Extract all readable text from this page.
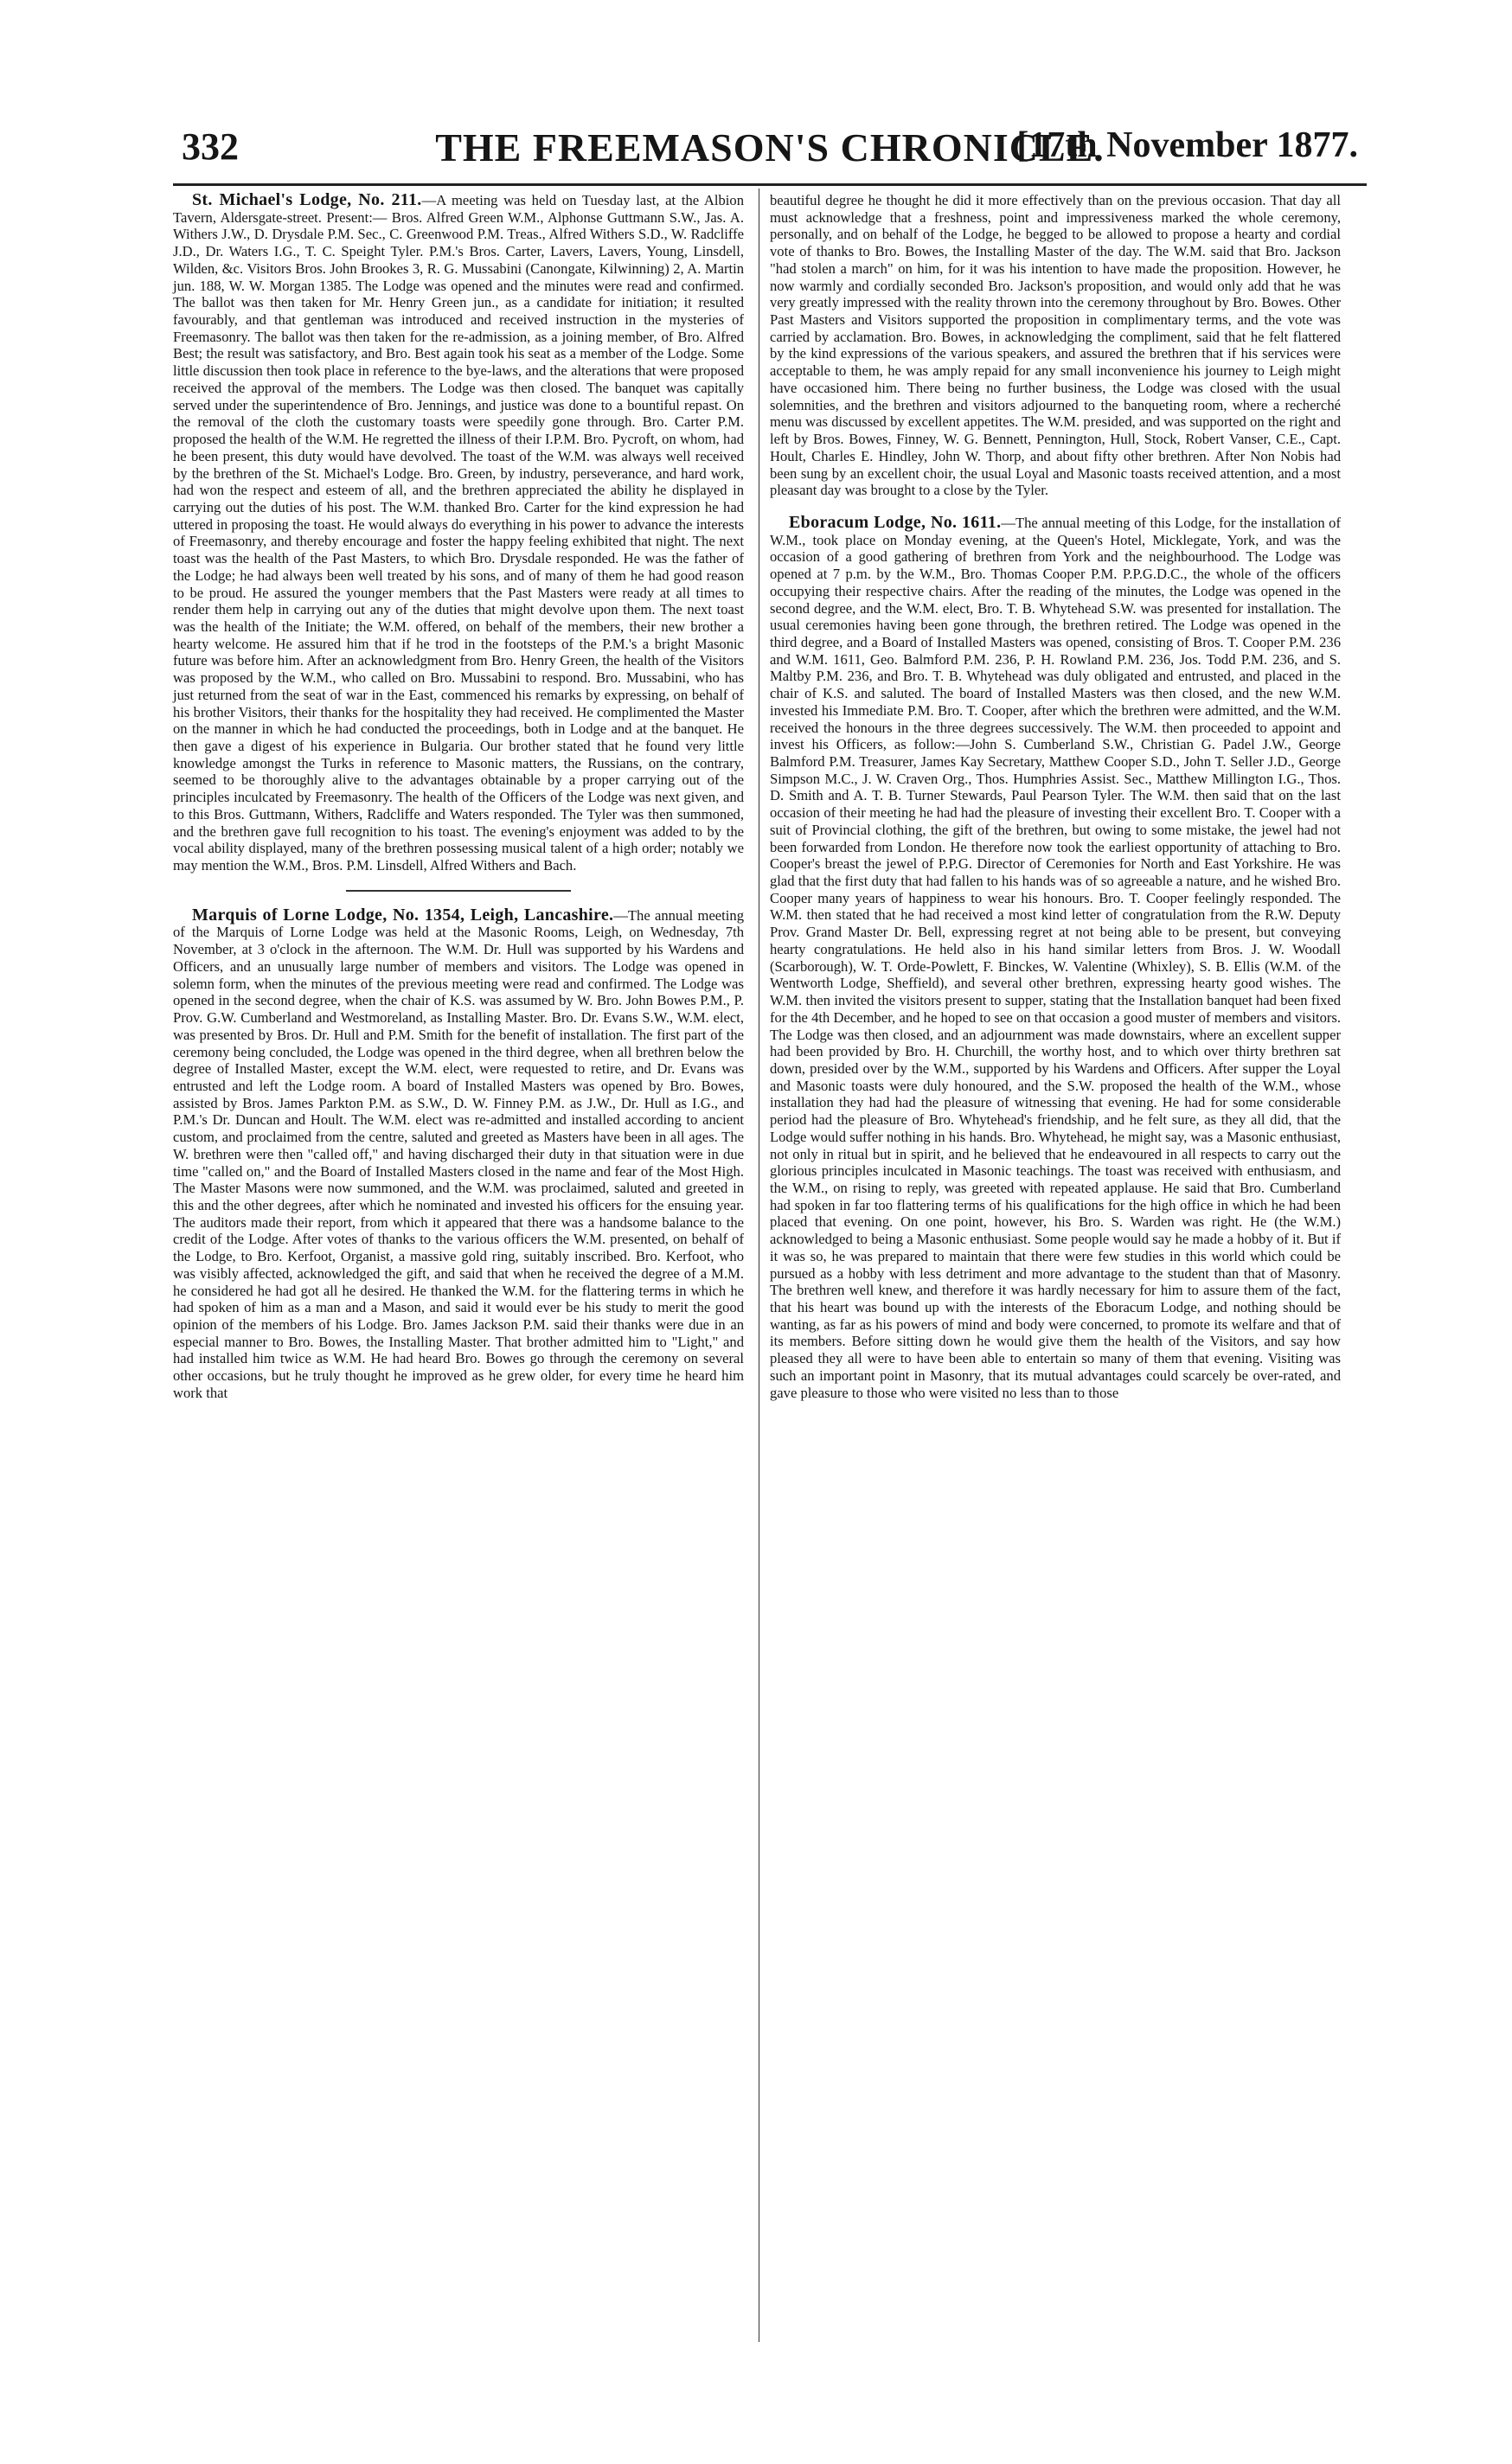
332	THE FREEMASON'S CHRONICLE.
[17th November 1877.

St. Michael's Lodge, No. 211.—A meeting was held on Tuesday last, at the Albion Tavern, Aldersgate-street. Present:— Bros. Alfred Green W.M., Alphonse Guttmann S.W., Jas. A. Withers J.W., D. Drysdale P.M. Sec., C. Greenwood P.M. Treas., Alfred Withers S.D., W. Radcliffe J.D., Dr. Waters I.G., T. C. Speight Tyler. P.M.'s Bros. Carter, Lavers, Lavers, Young, Linsdell, Wilden, &c. Visitors Bros. John Brookes 3, R. G. Mussabini (Canongate, Kilwinning) 2, A. Martin jun. 188, W. W. Morgan 1385. The Lodge was opened and the minutes were read and confirmed. The ballot was then taken for Mr. Henry Green jun., as a candidate for initiation; it resulted favourably, and that gentleman was introduced and received instruction in the mysteries of Freemasonry. The ballot was then taken for the re-admission, as a joining member, of Bro. Alfred Best; the result was satisfactory, and Bro. Best again took his seat as a member of the Lodge. Some little discussion then took place in reference to the bye-laws, and the alterations that were proposed received the approval of the members. The Lodge was then closed. The banquet was capitally served under the superintendence of Bro. Jennings, and justice was done to a bountiful repast. On the removal of the cloth the customary toasts were speedily gone through. Bro. Carter P.M. proposed the health of the W.M. He regretted the illness of their I.P.M. Bro. Pycroft, on whom, had he been present, this duty would have devolved. The toast of the W.M. was always well received by the brethren of the St. Michael's Lodge. Bro. Green, by industry, perseverance, and hard work, had won the respect and esteem of all, and the brethren appreciated the ability he displayed in carrying out the duties of his post. The W.M. thanked Bro. Carter for the kind expression he had uttered in proposing the toast. He would always do everything in his power to advance the interests of Freemasonry, and thereby encourage and foster the happy feeling exhibited that night. The next toast was the health of the Past Masters, to which Bro. Drysdale responded. He was the father of the Lodge; he had always been well treated by his sons, and of many of them he had good reason to be proud. He assured the younger members that the Past Masters were ready at all times to render them help in carrying out any of the duties that might devolve upon them. The next toast was the health of the Initiate; the W.M. offered, on behalf of the members, their new brother a hearty welcome. He assured him that if he trod in the footsteps of the P.M.'s a bright Masonic future was before him. After an acknowledgment from Bro. Henry Green, the health of the Visitors was proposed by the W.M., who called on Bro. Mussabini to respond. Bro. Mussabini, who has just returned from the seat of war in the East, commenced his remarks by expressing, on behalf of his brother Visitors, their thanks for the hospitality they had received. He complimented the Master on the manner in which he had conducted the proceedings, both in Lodge and at the banquet. He then gave a digest of his experience in Bulgaria. Our brother stated that he found very little knowledge amongst the Turks in reference to Masonic matters, the Russians, on the contrary, seemed to be thoroughly alive to the advantages obtainable by a proper carrying out of the principles inculcated by Freemasonry. The health of the Officers of the Lodge was next given, and to this Bros. Guttmann, Withers, Radcliffe and Waters responded. The Tyler was then summoned, and the brethren gave full recognition to his toast. The evening's enjoyment was added to by the vocal ability displayed, many of the brethren possessing musical talent of a high order; notably we may mention the W.M., Bros. P.M. Linsdell, Alfred Withers and Bach.

Marquis of Lorne Lodge, No. 1354, Leigh, Lancashire.—The annual meeting of the Marquis of Lorne Lodge was held at the Masonic Rooms, Leigh, on Wednesday, 7th November, at 3 o'clock in the afternoon. The W.M. Dr. Hull was supported by his Wardens and Officers, and an unusually large number of members and visitors. The Lodge was opened in solemn form, when the minutes of the previous meeting were read and confirmed. The Lodge was opened in the second degree, when the chair of K.S. was assumed by W. Bro. John Bowes P.M., P. Prov. G.W. Cumberland and Westmoreland, as Installing Master. Bro. Dr. Evans S.W., W.M. elect, was presented by Bros. Dr. Hull and P.M. Smith for the benefit of installation. The first part of the ceremony being concluded, the Lodge was opened in the third degree, when all brethren below the degree of Installed Master, except the W.M. elect, were requested to retire, and Dr. Evans was entrusted and left the Lodge room. A board of Installed Masters was opened by Bro. Bowes, assisted by Bros. James Parkton P.M. as S.W., D. W. Finney P.M. as J.W., Dr. Hull as I.G., and P.M.'s Dr. Duncan and Hoult. The W.M. elect was re-admitted and installed according to ancient custom, and proclaimed from the centre, saluted and greeted as Masters have been in all ages. The W. brethren were then "called off," and having discharged their duty in that situation were in due time "called on," and the Board of Installed Masters closed in the name and fear of the Most High. The Master Masons were now summoned, and the W.M. was proclaimed, saluted and greeted in this and the other degrees, after which he nominated and invested his officers for the ensuing year. The auditors made their report, from which it appeared that there was a handsome balance to the credit of the Lodge. After votes of thanks to the various officers the W.M. presented, on behalf of the Lodge, to Bro. Kerfoot, Organist, a massive gold ring, suitably inscribed. Bro. Kerfoot, who was visibly affected, acknowledged the gift, and said that when he received the degree of a M.M. he considered he had got all he desired. He thanked the W.M. for the flattering terms in which he had spoken of him as a man and a Mason, and said it would ever be his study to merit the good opinion of the members of his Lodge. Bro. James Jackson P.M. said their thanks were due in an especial manner to Bro. Bowes, the Installing Master. That brother admitted him to "Light," and had installed him twice as W.M. He had heard Bro. Bowes go through the ceremony on several other occasions, but he truly thought he improved as he grew older, for every time he heard him work that

beautiful degree he thought he did it more effectively than on the previous occasion. That day all must acknowledge that a freshness, point and impressiveness marked the whole ceremony, personally, and on behalf of the Lodge, he begged to be allowed to propose a hearty and cordial vote of thanks to Bro. Bowes, the Installing Master of the day. The W.M. said that Bro. Jackson "had stolen a march" on him, for it was his intention to have made the proposition. However, he now warmly and cordially seconded Bro. Jackson's proposition, and would only add that he was very greatly impressed with the reality thrown into the ceremony throughout by Bro. Bowes. Other Past Masters and Visitors supported the proposition in complimentary terms, and the vote was carried by acclamation. Bro. Bowes, in acknowledging the compliment, said that he felt flattered by the kind expressions of the various speakers, and assured the brethren that if his services were acceptable to them, he was amply repaid for any small inconvenience his journey to Leigh might have occasioned him. There being no further business, the Lodge was closed with the usual solemnities, and the brethren and visitors adjourned to the banqueting room, where a recherché menu was discussed by excellent appetites. The W.M. presided, and was supported on the right and left by Bros. Bowes, Finney, W. G. Bennett, Pennington, Hull, Stock, Robert Vanser, C.E., Capt. Hoult, Charles E. Hindley, John W. Thorp, and about fifty other brethren. After Non Nobis had been sung by an excellent choir, the usual Loyal and Masonic toasts received attention, and a most pleasant day was brought to a close by the Tyler.

Eboracum Lodge, No. 1611.—The annual meeting of this Lodge, for the installation of W.M., took place on Monday evening, at the Queen's Hotel, Micklegate, York, and was the occasion of a good gathering of brethren from York and the neighbourhood. The Lodge was opened at 7 p.m. by the W.M., Bro. Thomas Cooper P.M. P.P.G.D.C., the whole of the officers occupying their respective chairs. After the reading of the minutes, the Lodge was opened in the second degree, and the W.M. elect, Bro. T. B. Whytehead S.W. was presented for installation. The usual ceremonies having been gone through, the brethren retired. The Lodge was opened in the third degree, and a Board of Installed Masters was opened, consisting of Bros. T. Cooper P.M. 236 and W.M. 1611, Geo. Balmford P.M. 236, P. H. Rowland P.M. 236, Jos. Todd P.M. 236, and S. Maltby P.M. 236, and Bro. T. B. Whytehead was duly obligated and entrusted, and placed in the chair of K.S. and saluted. The board of Installed Masters was then closed, and the new W.M. invested his Immediate P.M. Bro. T. Cooper, after which the brethren were admitted, and the W.M. received the honours in the three degrees successively. The W.M. then proceeded to appoint and invest his Officers, as follow:—John S. Cumberland S.W., Christian G. Padel J.W., George Balmford P.M. Treasurer, James Kay Secretary, Matthew Cooper S.D., John T. Seller J.D., George Simpson M.C., J. W. Craven Org., Thos. Humphries Assist. Sec., Matthew Millington I.G., Thos. D. Smith and A. T. B. Turner Stewards, Paul Pearson Tyler. The W.M. then said that on the last occasion of their meeting he had had the pleasure of investing their excellent Bro. T. Cooper with a suit of Provincial clothing, the gift of the brethren, but owing to some mistake, the jewel had not been forwarded from London. He therefore now took the earliest opportunity of attaching to Bro. Cooper's breast the jewel of P.P.G. Director of Ceremonies for North and East Yorkshire. He was glad that the first duty that had fallen to his hands was of so agreeable a nature, and he wished Bro. Cooper many years of happiness to wear his honours. Bro. T. Cooper feelingly responded. The W.M. then stated that he had received a most kind letter of congratulation from the R.W. Deputy Prov. Grand Master Dr. Bell, expressing regret at not being able to be present, but conveying hearty congratulations. He held also in his hand similar letters from Bros. J. W. Woodall (Scarborough), W. T. Orde-Powlett, F. Binckes, W. Valentine (Whixley), S. B. Ellis (W.M. of the Wentworth Lodge, Sheffield), and several other brethren, expressing hearty good wishes. The W.M. then invited the visitors present to supper, stating that the Installation banquet had been fixed for the 4th December, and he hoped to see on that occasion a good muster of members and visitors. The Lodge was then closed, and an adjournment was made downstairs, where an excellent supper had been provided by Bro. H. Churchill, the worthy host, and to which over thirty brethren sat down, presided over by the W.M., supported by his Wardens and Officers. After supper the Loyal and Masonic toasts were duly honoured, and the S.W. proposed the health of the W.M., whose installation they had had the pleasure of witnessing that evening. He had for some considerable period had the pleasure of Bro. Whytehead's friendship, and he felt sure, as they all did, that the Lodge would suffer nothing in his hands. Bro. Whytehead, he might say, was a Masonic enthusiast, not only in ritual but in spirit, and he believed that he endeavoured in all respects to carry out the glorious principles inculcated in Masonic teachings. The toast was received with enthusiasm, and the W.M., on rising to reply, was greeted with repeated applause. He said that Bro. Cumberland had spoken in far too flattering terms of his qualifications for the high office in which he had been placed that evening. On one point, however, his Bro. S. Warden was right. He (the W.M.) acknowledged to being a Masonic enthusiast. Some people would say he made a hobby of it. But if it was so, he was prepared to maintain that there were few studies in this world which could be pursued as a hobby with less detriment and more advantage to the student than that of Masonry. The brethren well knew, and therefore it was hardly necessary for him to assure them of the fact, that his heart was bound up with the interests of the Eboracum Lodge, and nothing should be wanting, as far as his powers of mind and body were concerned, to promote its welfare and that of its members. Before sitting down he would give them the health of the Visitors, and say how pleased they all were to have been able to entertain so many of them that evening. Visiting was such an important point in Masonry, that its mutual advantages could scarcely be over-rated, and gave pleasure to those who were visited no less than to those
